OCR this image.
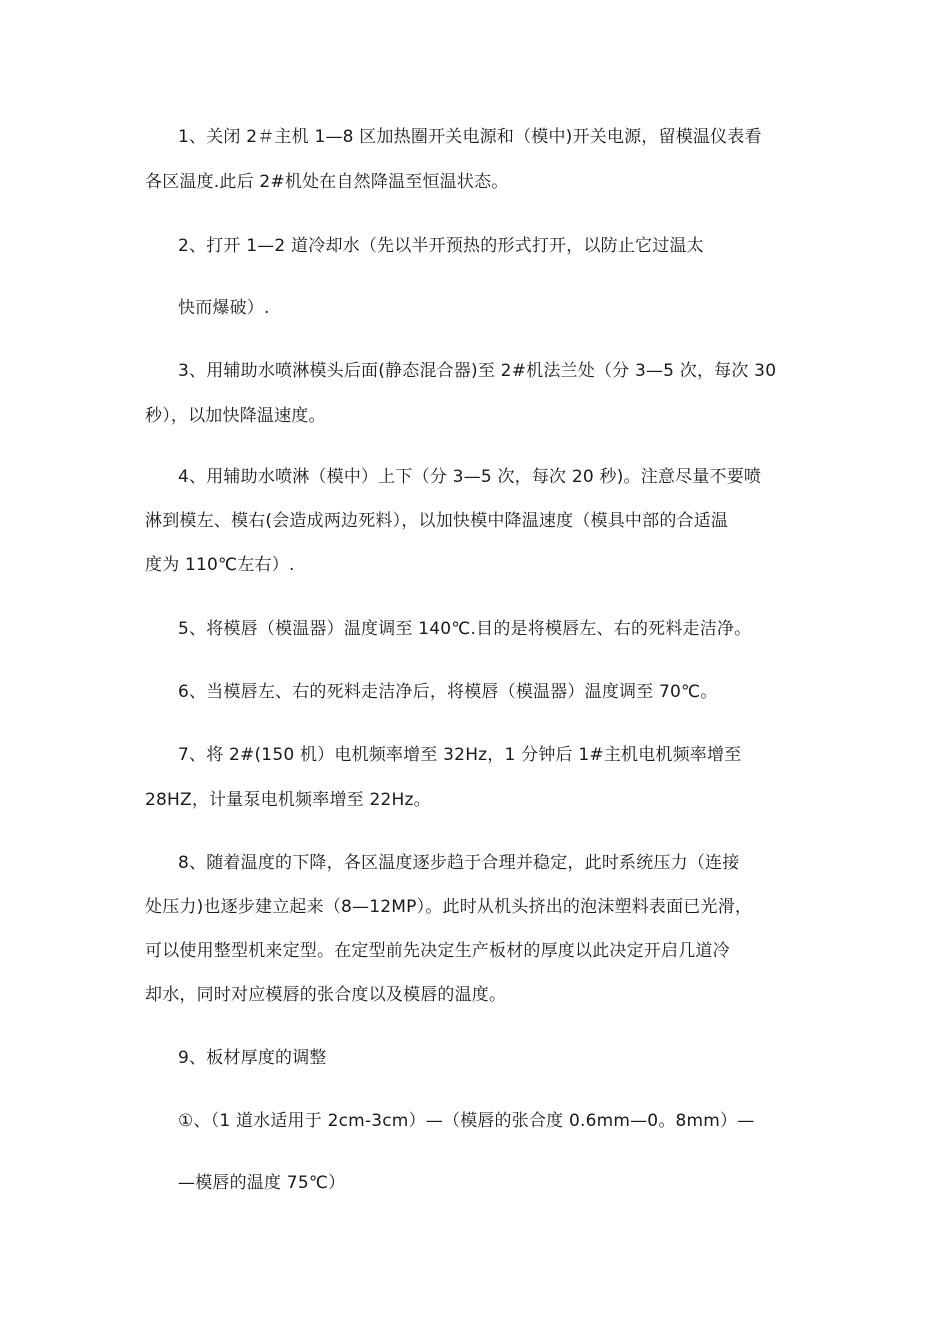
1、关闭 2＃主机 1—8 区加热圈开关电源和（模中)开关电源，留模温仪表看
各区温度.此后 2#机处在自然降温至恒温状态。
2、打开 1—2 道冷却水（先以半开预热的形式打开，以防止它过温太
快而爆破）.
3、用辅助水喷淋模头后面(静态混合器)至 2#机法兰处（分 3—5 次，每次 30
秒），以加快降温速度。
4、用辅助水喷淋（模中）上下（分 3—5 次，每次 20 秒)。注意尽量不要喷
淋到模左、模右(会造成两边死料），以加快模中降温速度（模具中部的合适温
度为 110℃左右）.
5、将模唇（模温器）温度调至 140℃.目的是将模唇左、右的死料走洁净。
6、当模唇左、右的死料走洁净后，将模唇（模温器）温度调至 70℃。
7、将 2#(150 机）电机频率增至 32Hz，1 分钟后 1#主机电机频率增至
28HZ，计量泵电机频率增至 22Hz。
8、随着温度的下降，各区温度逐步趋于合理并稳定，此时系统压力（连接
处压力)也逐步建立起来（8—12MP）。此时从机头挤出的泡沫塑料表面已光滑，
可以使用整型机来定型。在定型前先决定生产板材的厚度以此决定开启几道冷
却水，同时对应模唇的张合度以及模唇的温度。
9、板材厚度的调整
①、（1 道水适用于 2cm-3cm）—（模唇的张合度 0.6mm—0。8mm）—
—模唇的温度 75℃）
